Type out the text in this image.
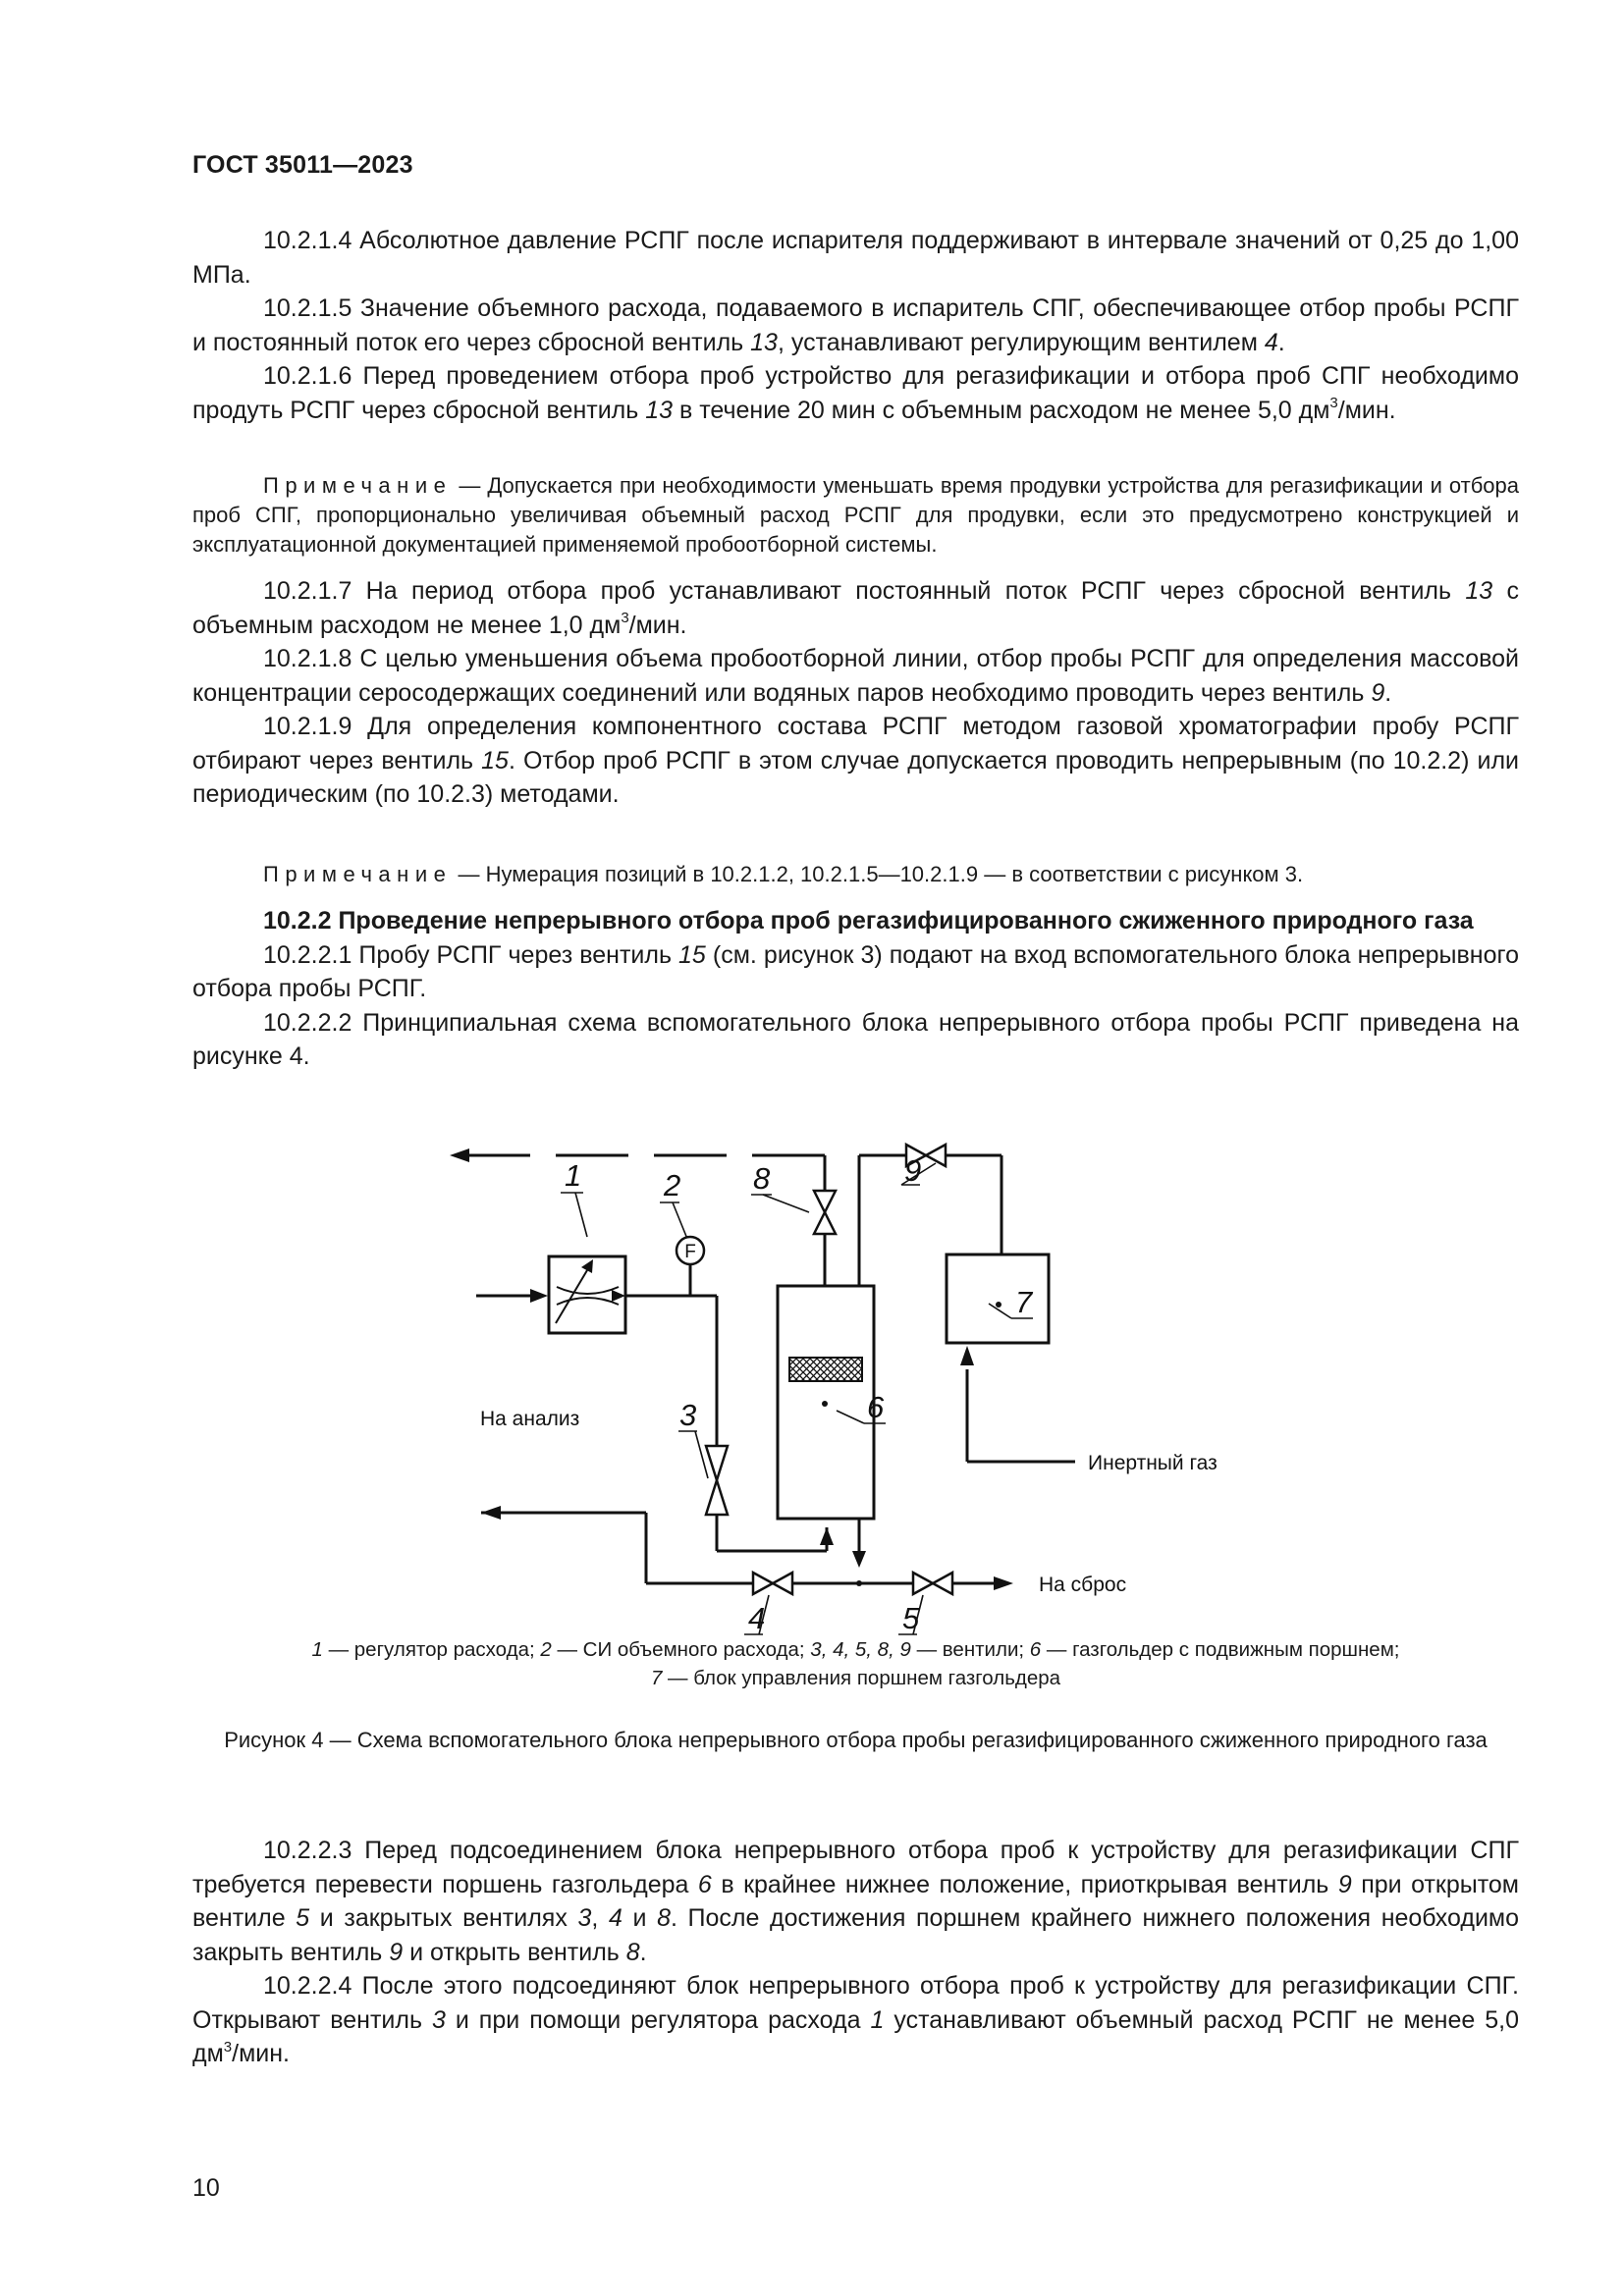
ГОСТ 35011—2023

10.2.1.4 Абсолютное давление РСПГ после испарителя поддерживают в интервале значений от 0,25 до 1,00 МПа.

10.2.1.5 Значение объемного расхода, подаваемого в испаритель СПГ, обеспечивающее отбор пробы РСПГ и постоянный поток его через сбросной вентиль 13, устанавливают регулирующим вентилем 4.

10.2.1.6 Перед проведением отбора проб устройство для регазификации и отбора проб СПГ необходимо продуть РСПГ через сбросной вентиль 13 в течение 20 мин с объемным расходом не менее 5,0 $дм^3$/мин.

Примечание — Допускается при необходимости уменьшать время продувки устройства для регазификации и отбора проб СПГ, пропорционально увеличивая объемный расход РСПГ для продувки, если это предусмотрено конструкцией и эксплуатационной документацией применяемой пробоотборной системы.

10.2.1.7 На период отбора проб устанавливают постоянный поток РСПГ через сбросной вентиль 13 с объемным расходом не менее 1,0 $дм^3$/мин.

10.2.1.8 С целью уменьшения объема пробоотборной линии, отбор пробы РСПГ для определения массовой концентрации серосодержащих соединений или водяных паров необходимо проводить через вентиль 9.

10.2.1.9 Для определения компонентного состава РСПГ методом газовой хроматографии пробу РСПГ отбирают через вентиль 15. Отбор проб РСПГ в этом случае допускается проводить непрерывным (по 10.2.2) или периодическим (по 10.2.3) методами.

Примечание — Нумерация позиций в 10.2.1.2, 10.2.1.5—10.2.1.9 — в соответствии с рисунком 3.

10.2.2 Проведение непрерывного отбора проб регазифицированного сжиженного природного газа

10.2.2.1 Пробу РСПГ через вентиль 15 (см. рисунок 3) подают на вход вспомогательного блока непрерывного отбора пробы РСПГ.

10.2.2.2 Принципиальная схема вспомогательного блока непрерывного отбора пробы РСПГ приведена на рисунке 4.

F
1	2 8	9
7
3	6
4	5
На анализ
Инертный газ
На сброс
1 — регулятор расхода; 2 — СИ объемного расхода; 3, 4, 5, 8, 9 — вентили; 6 — газгольдер с подвижным поршнем;
7 — блок управления поршнем газгольдера
Рисунок 4 — Схема вспомогательного блока непрерывного отбора пробы регазифицированного сжиженного природного газа

10.2.2.3 Перед подсоединением блока непрерывного отбора проб к устройству для регазификации СПГ требуется перевести поршень газгольдера 6 в крайнее нижнее положение, приоткрывая вентиль 9 при открытом вентиле 5 и закрытых вентилях 3, 4 и 8. После достижения поршнем крайнего нижнего положения необходимо закрыть вентиль 9 и открыть вентиль 8.

10.2.2.4 После этого подсоединяют блок непрерывного отбора проб к устройству для регазификации СПГ. Открывают вентиль 3 и при помощи регулятора расхода 1 устанавливают объемный расход РСПГ не менее 5,0 $дм^3$/мин.

10
